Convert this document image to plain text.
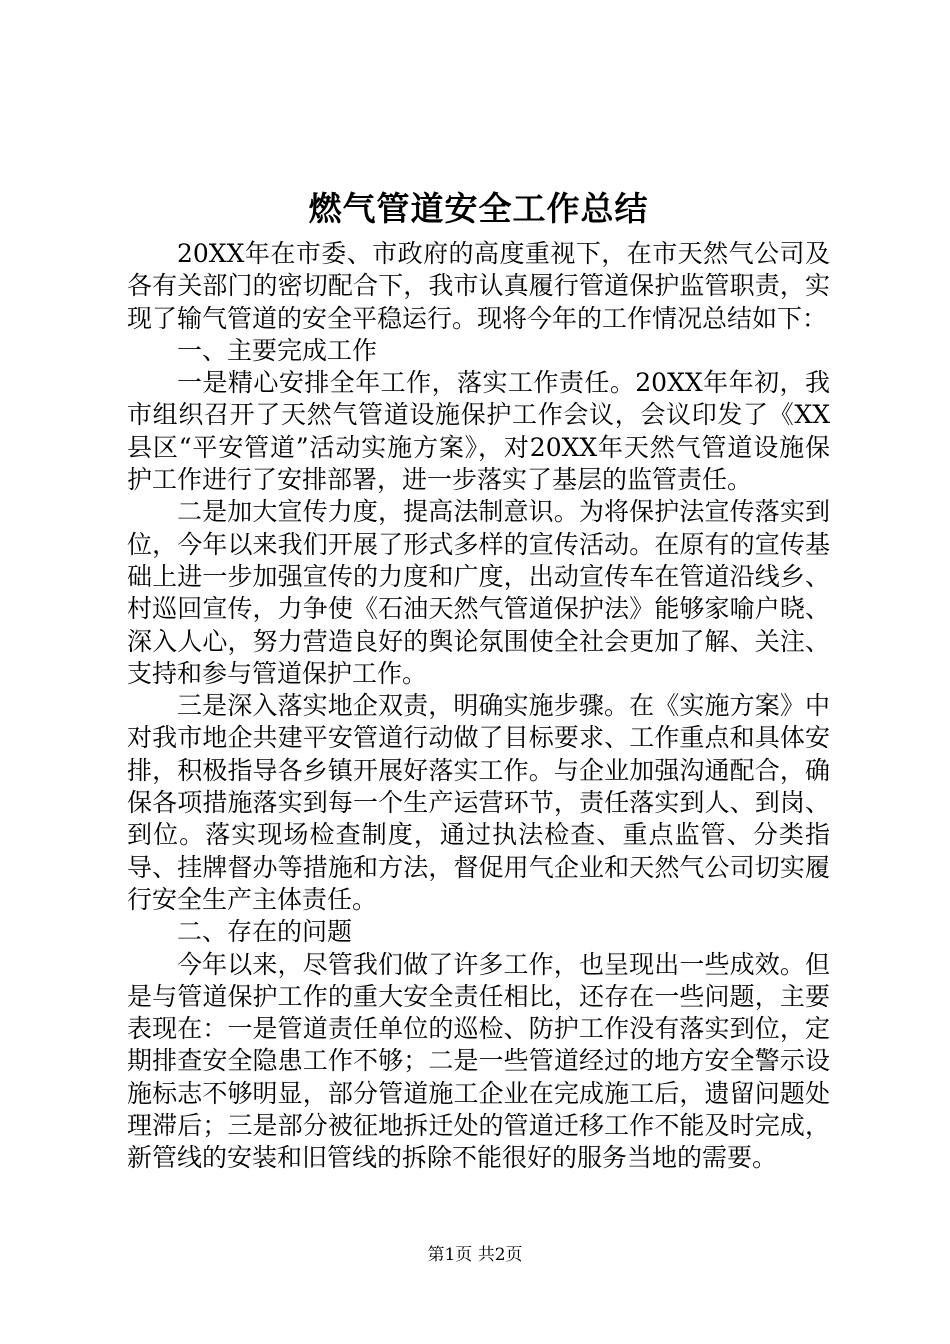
燃气管道安全工作总结

20XX年在市委、市政府的高度重视下，在市天然气公司及各有关部门的密切配合下，我市认真履行管道保护监管职责，实现了输气管道的安全平稳运行。现将今年的工作情况总结如下：

一、主要完成工作

一是精心安排全年工作，落实工作责任。20XX年年初，我市组织召开了天然气管道设施保护工作会议，会议印发了《XX县区“平安管道”活动实施方案》，对20XX年天然气管道设施保护工作进行了安排部署，进一步落实了基层的监管责任。

二是加大宣传力度，提高法制意识。为将保护法宣传落实到位，今年以来我们开展了形式多样的宣传活动。在原有的宣传基础上进一步加强宣传的力度和广度，出动宣传车在管道沿线乡、村巡回宣传，力争使《石油天然气管道保护法》能够家喻户晓、深入人心，努力营造良好的舆论氛围使全社会更加了解、关注、支持和参与管道保护工作。

三是深入落实地企双责，明确实施步骤。在《实施方案》中对我市地企共建平安管道行动做了目标要求、工作重点和具体安排，积极指导各乡镇开展好落实工作。与企业加强沟通配合，确保各项措施落实到每一个生产运营环节，责任落实到人、到岗、到位。落实现场检查制度，通过执法检查、重点监管、分类指导、挂牌督办等措施和方法，督促用气企业和天然气公司切实履行安全生产主体责任。

二、存在的问题

今年以来，尽管我们做了许多工作，也呈现出一些成效。但是与管道保护工作的重大安全责任相比，还存在一些问题，主要表现在：一是管道责任单位的巡检、防护工作没有落实到位，定期排查安全隐患工作不够；二是一些管道经过的地方安全警示设施标志不够明显，部分管道施工企业在完成施工后，遗留问题处理滞后；三是部分被征地拆迁处的管道迁移工作不能及时完成，新管线的安装和旧管线的拆除不能很好的服务当地的需要。

第1页 共2页
